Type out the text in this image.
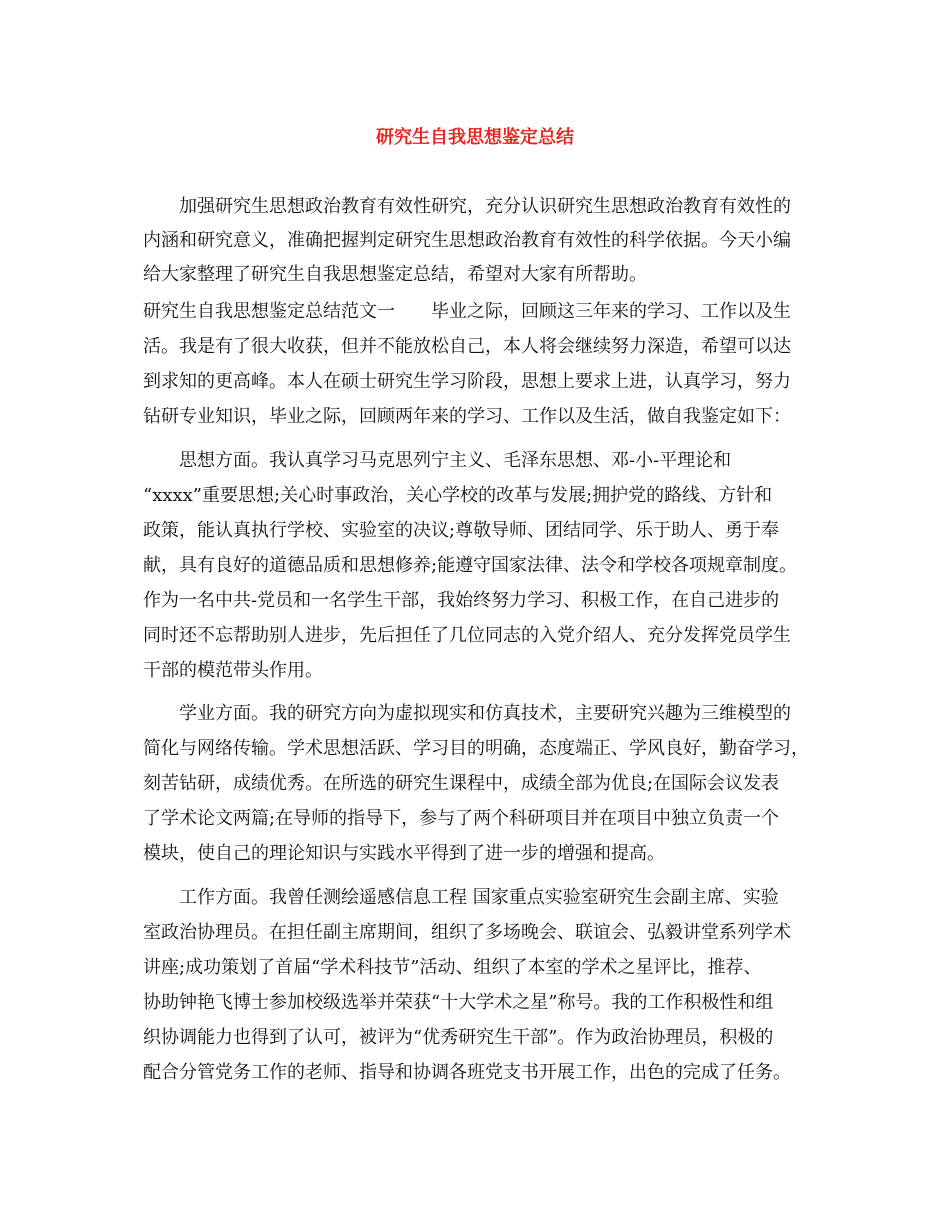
研究生自我思想鉴定总结

　　加强研究生思想政治教育有效性研究，充分认识研究生思想政治教育有效性的

内涵和研究意义，准确把握判定研究生思想政治教育有效性的科学依据。今天小编

给大家整理了研究生自我思想鉴定总结，希望对大家有所帮助。

研究生自我思想鉴定总结范文一　　毕业之际，回顾这三年来的学习、工作以及生

活。我是有了很大收获，但并不能放松自己，本人将会继续努力深造，希望可以达

到求知的更高峰。本人在硕士研究生学习阶段，思想上要求上进，认真学习，努力

钻研专业知识，毕业之际，回顾两年来的学习、工作以及生活，做自我鉴定如下：

　　思想方面。我认真学习马克思列宁主义、毛泽东思想、邓-小-平理论和

“xxxx”重要思想;关心时事政治，关心学校的改革与发展;拥护党的路线、方针和

政策，能认真执行学校、实验室的决议;尊敬导师、团结同学、乐于助人、勇于奉

献，具有良好的道德品质和思想修养;能遵守国家法律、法令和学校各项规章制度。

作为一名中共-党员和一名学生干部，我始终努力学习、积极工作，在自己进步的

同时还不忘帮助别人进步，先后担任了几位同志的入党介绍人、充分发挥党员学生

干部的模范带头作用。

　　学业方面。我的研究方向为虚拟现实和仿真技术，主要研究兴趣为三维模型的

简化与网络传输。学术思想活跃、学习目的明确，态度端正、学风良好，勤奋学习，

刻苦钻研，成绩优秀。在所选的研究生课程中，成绩全部为优良;在国际会议发表

了学术论文两篇;在导师的指导下，参与了两个科研项目并在项目中独立负责一个

模块，使自己的理论知识与实践水平得到了进一步的增强和提高。

　　工作方面。我曾任测绘遥感信息工程 国家重点实验室研究生会副主席、实验

室政治协理员。在担任副主席期间，组织了多场晚会、联谊会、弘毅讲堂系列学术

讲座;成功策划了首届“学术科技节”活动、组织了本室的学术之星评比，推荐、

协助钟艳飞博士参加校级选举并荣获“十大学术之星”称号。我的工作积极性和组

织协调能力也得到了认可，被评为“优秀研究生干部”。作为政治协理员，积极的

配合分管党务工作的老师、指导和协调各班党支书开展工作，出色的完成了任务。
